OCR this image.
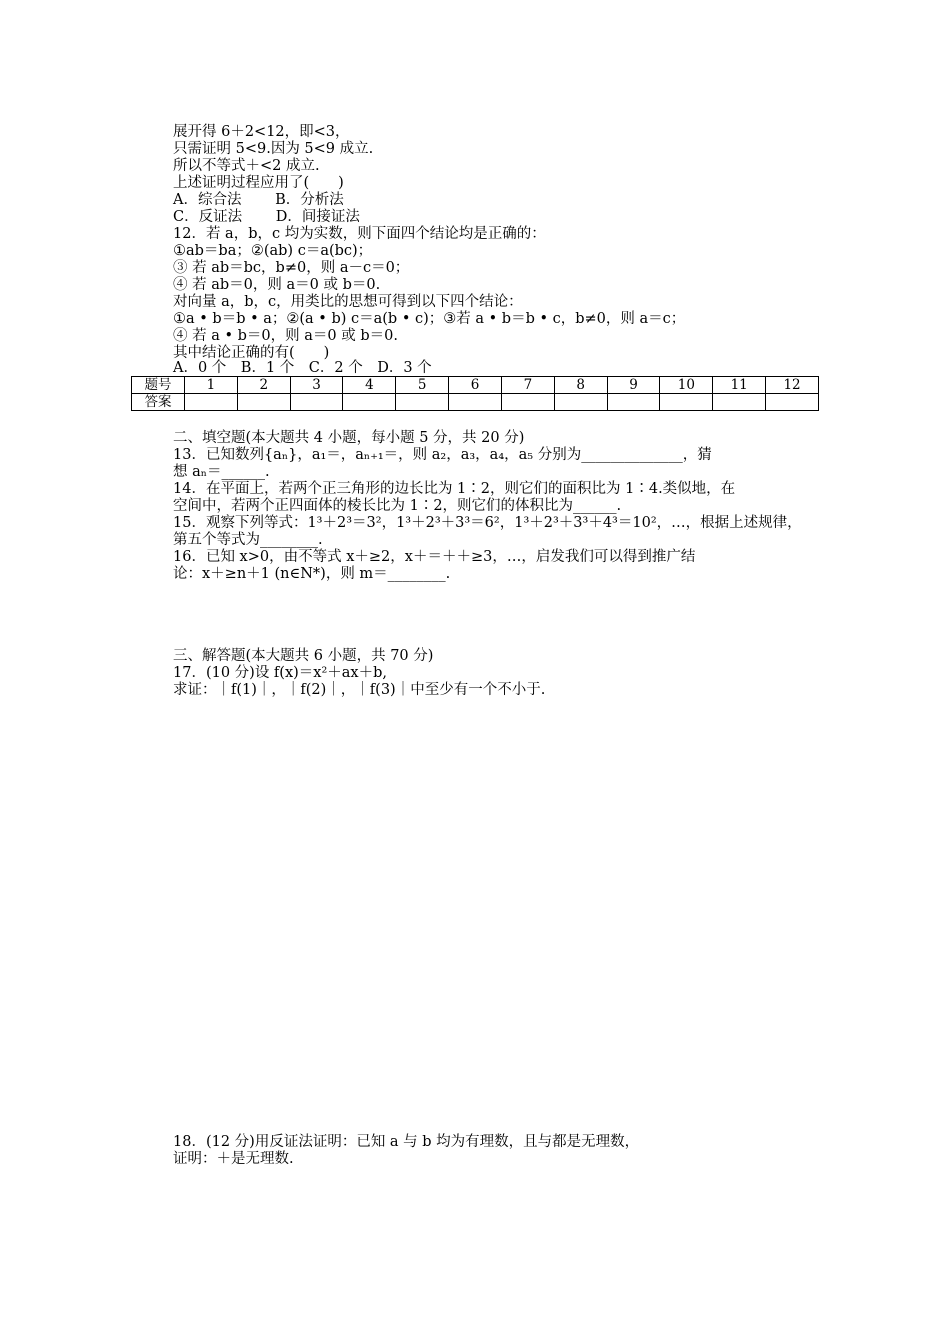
展开得 6＋2<12，即<3，
只需证明 5<9.因为 5<9 成立.
所以不等式＋<2 成立.
上述证明过程应用了(　　)
A．综合法　　 B．分析法
C．反证法　　 D．间接证法
12．若 a，b，c 均为实数，则下面四个结论均是正确的：
①ab＝ba；②(ab) c＝a(bc)；
③ 若 ab＝bc，b≠0，则 a－c＝0；
④ 若 ab＝0，则 a＝0 或 b＝0.
对向量 a，b，c，用类比的思想可得到以下四个结论：
①a • b＝b • a；②(a • b) c＝a(b • c)；③若 a • b＝b • c，b≠0，则 a＝c；
④ 若 a • b＝0，则 a＝0 或 b＝0.
其中结论正确的有(　　)
A．0 个　B．1 个　C．2 个　D．3 个
题号	1	2	3	4	5	6	7	8	9	10	11	12
答案												
二、填空题(本大题共 4 小题，每小题 5 分，共 20 分)
13．已知数列{aₙ}，a₁＝，aₙ₊₁＝，则 a₂，a₃，a₄，a₅ 分别为______________，猜
想 aₙ＝______.
14．在平面上，若两个正三角形的边长比为 1∶2，则它们的面积比为 1∶4.类似地，在
空间中，若两个正四面体的棱长比为 1∶2，则它们的体积比为______.
15．观察下列等式：1³＋2³＝3²，1³＋2³＋3³＝6²，1³＋2³＋3³＋4³＝10²，…，根据上述规律，
第五个等式为________.
16．已知 x>0，由不等式 x＋≥2，x＋＝＋＋≥3，…，启发我们可以得到推广结
论：x＋≥n＋1 (n∈N*)，则 m＝________.
三、解答题(本大题共 6 小题，共 70 分)
17．(10 分)设 f(x)＝x²＋ax＋b,
求证：｜f(1)｜，｜f(2)｜，｜f(3)｜中至少有一个不小于.
18．(12 分)用反证法证明：已知 a 与 b 均为有理数，且与都是无理数，
证明：＋是无理数.
